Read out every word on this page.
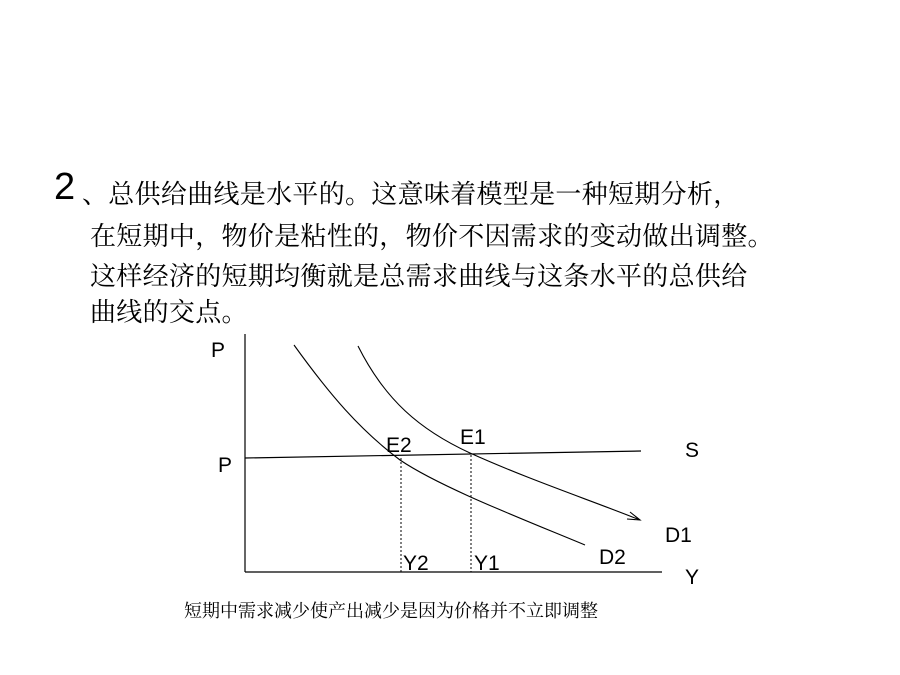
2 、总供给曲线是水平的。这意味着模型是一种短期分析，
在短期中，物价是粘性的，物价不因需求的变动做出调整。
这样经济的短期均衡就是总需求曲线与这条水平的总供给
曲线的交点。
P
P
Y
S
D1
D2
E1
E2
Y1
Y2
短期中需求减少使产出减少是因为价格并不立即调整
